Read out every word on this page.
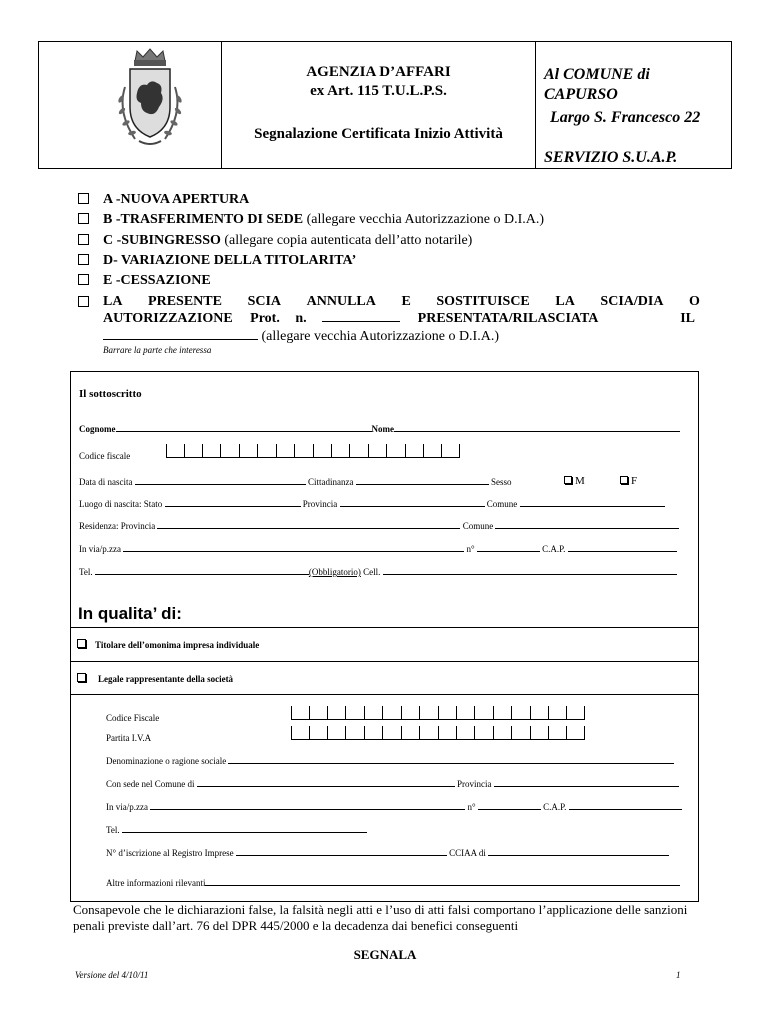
AGENZIA D’AFFARI
ex Art. 115 T.U.L.P.S.
Segnalazione Certificata Inizio Attività
Al COMUNE di
CAPURSO
Largo S. Francesco 22
SERVIZIO S.U.A.P.
A -NUOVA APERTURA
B -TRASFERIMENTO DI SEDE (allegare vecchia Autorizzazione o D.I.A.)
C -SUBINGRESSO (allegare copia autenticata dell’atto notarile)
D- VARIAZIONE DELLA TITOLARITA’
E -CESSAZIONE
LA PRESENTE SCIA ANNULLA E SOSTITUISCE LA SCIA/DIA O
AUTORIZZAZIONE Prot. n.	PRESENTATA/RILASCIATA	IL
(allegare vecchia Autorizzazione o D.I.A.)
Barrare la parte che interessa
Il sottoscritto
Cognome	Nome
Codice fiscale
Data di nascita	Cittadinanza	Sesso	M	F
Luogo di nascita: Stato	Provincia	Comune
Residenza: Provincia	Comune
In via/p.zza	n°	C.A.P.
Tel.	(Obbligatorio) Cell.
In qualita’ di:
Titolare dell’omonima impresa individuale
Legale rappresentante della società
Codice Fiscale
Partita I.V.A
Denominazione o ragione sociale
Con sede nel Comune di	Provincia
In via/p.zza	n°	C.A.P.
Tel.
N° d’iscrizione al Registro Imprese	CCIAA di
Altre informazioni rilevanti
Consapevole che le dichiarazioni false, la falsità negli atti e l’uso di atti falsi comportano l’applicazione delle sanzioni penali previste dall’art. 76 del DPR 445/2000 e la decadenza dai benefici conseguenti
SEGNALA
Versione del 4/10/11	1
